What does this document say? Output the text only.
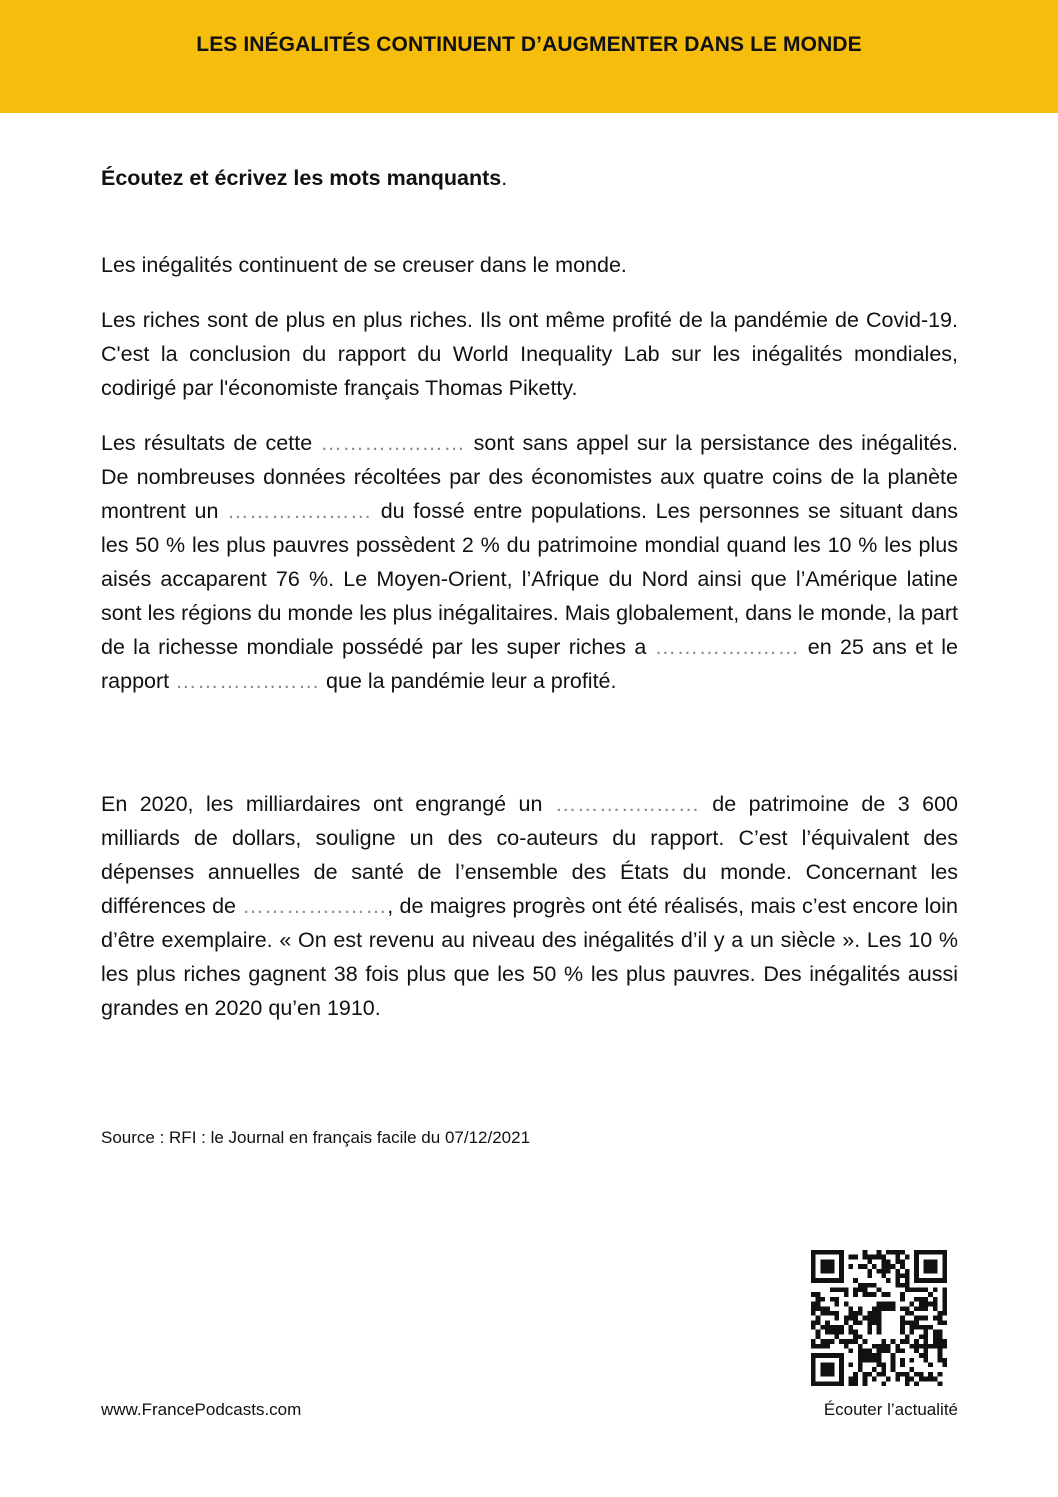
LES INÉGALITÉS CONTINUENT D’AUGMENTER DANS LE MONDE
Écoutez et écrivez les mots manquants.

Les inégalités continuent de se creuser dans le monde.

Les riches sont de plus en plus riches. Ils ont même profité de la pandémie de Covid-19. C'est la conclusion du rapport du World Inequality Lab sur les inégalités mondiales, codirigé par l'économiste français Thomas Piketty.

Les résultats de cette …………..…… sont sans appel sur la persistance des inégalités. De nombreuses données récoltées par des économistes aux quatre coins de la planète montrent un …………..…… du fossé entre populations. Les personnes se situant dans les 50 % les plus pauvres possèdent 2 % du patrimoine mondial quand les 10 % les plus aisés accaparent 76 %. Le Moyen-Orient, l’Afrique du Nord ainsi que l’Amérique latine sont les régions du monde les plus inégalitaires. Mais globalement, dans le monde, la part de la richesse mondiale possédé par les super riches a …………..…… en 25 ans et le rapport …………..…… que la pandémie leur a profité.

En 2020, les milliardaires ont engrangé un …………..…… de patrimoine de 3 600 milliards de dollars, souligne un des co-auteurs du rapport. C’est l’équivalent des dépenses annuelles de santé de l’ensemble des États du monde. Concernant les différences de …………..……, de maigres progrès ont été réalisés, mais c’est encore loin d’être exemplaire. « On est revenu au niveau des inégalités d’il y a un siècle ». Les 10 % les plus riches gagnent 38 fois plus que les 50 % les plus pauvres. Des inégalités aussi grandes en 2020 qu’en 1910.

Source : RFI : le Journal en français facile du 07/12/2021
www.FrancePodcasts.com	Écouter l’actualité
